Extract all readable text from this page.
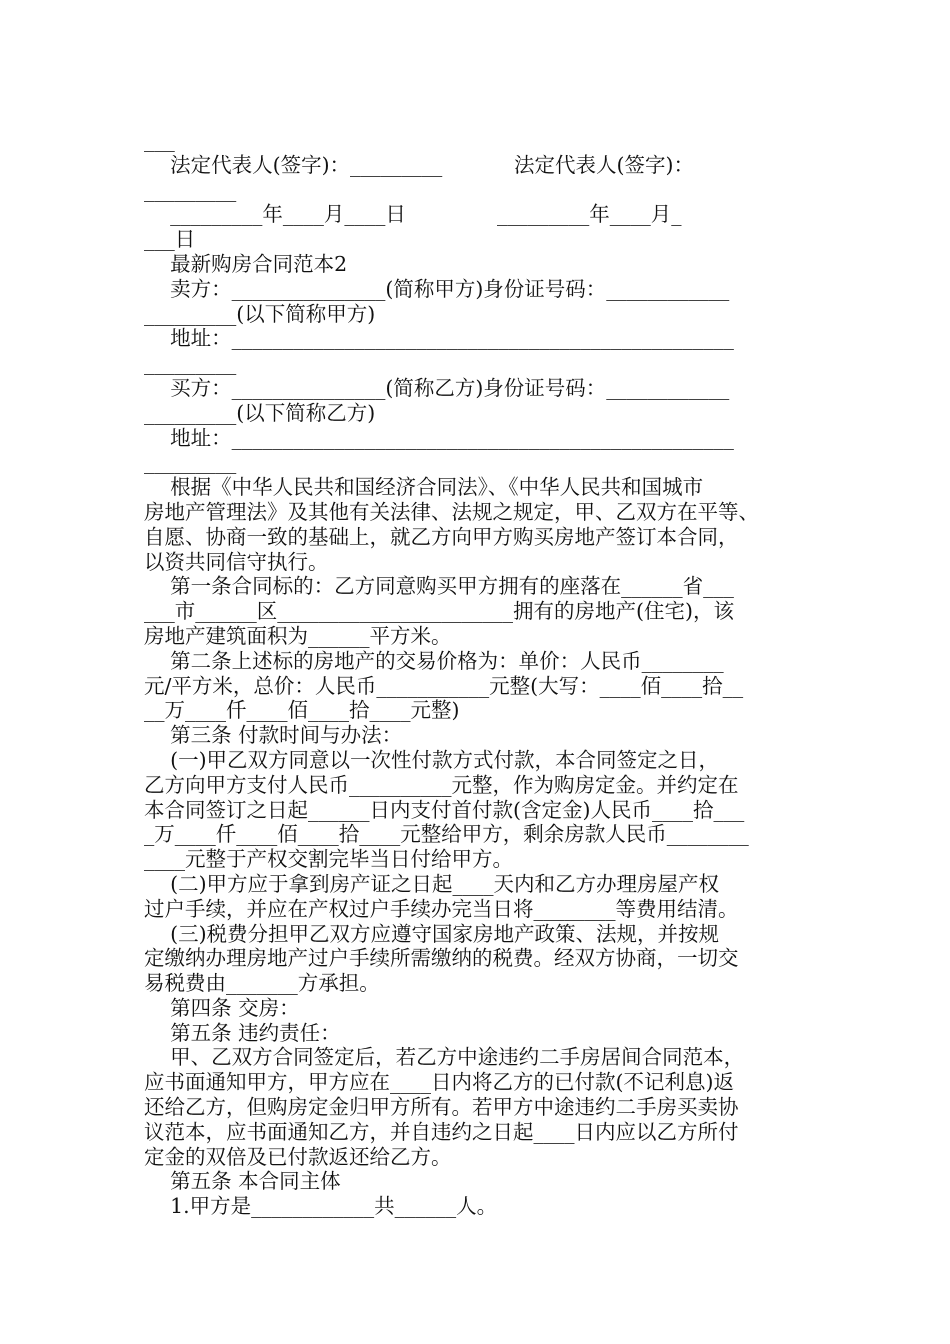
___
法定代表人(签字)：_________           法定代表人(签字)：
_________
_________年____月____日              _________年____月_
___日
最新购房合同范本2
卖方：_______________(简称甲方)身份证号码：____________
_________(以下简称甲方)
地址：_________________________________________________
_________
买方：_______________(简称乙方)身份证号码：____________
_________(以下简称乙方)
地址：_________________________________________________
_________
根据《中华人民共和国经济合同法》、《中华人民共和国城市
房地产管理法》及其他有关法律、法规之规定，甲、乙双方在平等、
自愿、协商一致的基础上，就乙方向甲方购买房地产签订本合同，
以资共同信守执行。
第一条合同标的：乙方同意购买甲方拥有的座落在______省___
___市______区_______________________拥有的房地产(住宅)，该
房地产建筑面积为______平方米。
第二条上述标的房地产的交易价格为：单价：人民币________
元/平方米，总价：人民币___________元整(大写：____佰____拾__
__万____仟____佰____拾____元整)
第三条 付款时间与办法：
(一)甲乙双方同意以一次性付款方式付款，本合同签定之日，
乙方向甲方支付人民币__________元整，作为购房定金。并约定在
本合同签订之日起______日内支付首付款(含定金)人民币____拾___
_万____仟____佰____拾____元整给甲方，剩余房款人民币________
____元整于产权交割完毕当日付给甲方。
(二)甲方应于拿到房产证之日起____天内和乙方办理房屋产权
过户手续，并应在产权过户手续办完当日将________等费用结清。
(三)税费分担甲乙双方应遵守国家房地产政策、法规，并按规
定缴纳办理房地产过户手续所需缴纳的税费。经双方协商，一切交
易税费由_______方承担。
第四条 交房：
第五条 违约责任：
甲、乙双方合同签定后，若乙方中途违约二手房居间合同范本，
应书面通知甲方，甲方应在____日内将乙方的已付款(不记利息)返
还给乙方，但购房定金归甲方所有。若甲方中途违约二手房买卖协
议范本，应书面通知乙方，并自违约之日起____日内应以乙方所付
定金的双倍及已付款返还给乙方。
第五条 本合同主体
1.甲方是____________共______人。
